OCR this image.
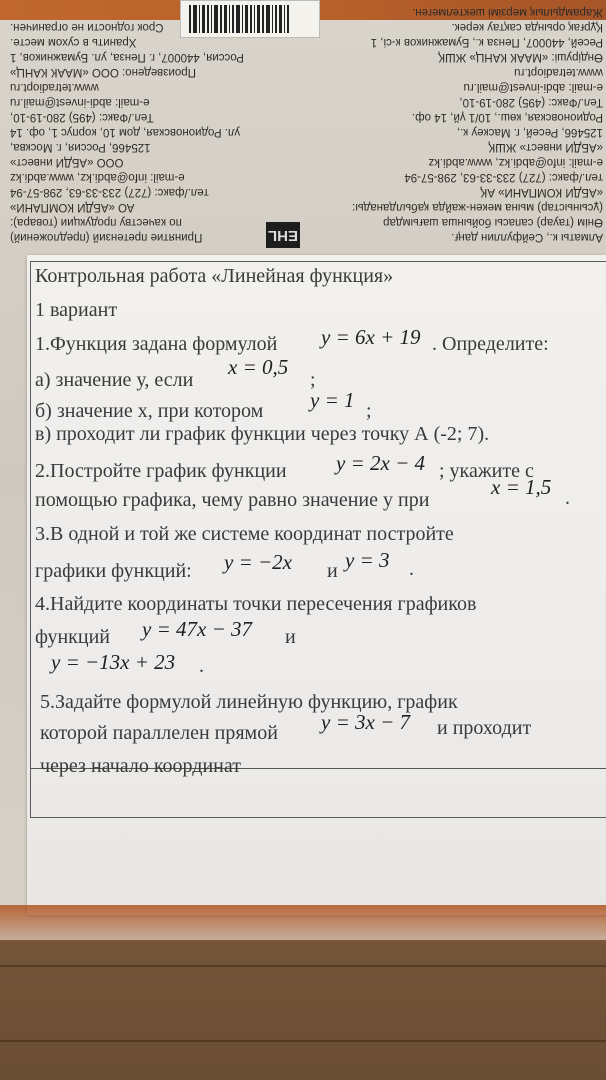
Принятие претензий (предложений)
по качеству продукции (товара):
АО «АБДИ КОМПАНИ»
тел./факс: (727) 233-33-63, 298-57-94
e-mail: info@abdi.kz, www.abdi.kz
ООО «АБДИ инвест»
125466, Россия, г. Москва,
ул. Родионовская, дом 10, корпус 1, оф. 14
Тел./Факс: (495) 280-19-10,
e-mail: abdi-invest@mail.ru
www.tetradiopt.ru
Произведено: ООО «МААК КАНЦ»
Россия, 440007, г. Пенза, ул. Бумажников, 1
Хранить в сухом месте.
Срок годности не ограничен.
Алматы к., Сейфуллин даңғ.
Өнім (тауар) сапасы бойынша шағымдар
(ұсыныстар) мына мекен-жайда қабылданады:
«АБДИ КОМПАНИ» АҚ
тел./факс: (727) 233-33-63, 298-57-94
e-mail: info@abdi.kz, www.abdi.kz
«АБДИ инвест» ЖШҚ
125466, Ресей, г. Маскеу к.,
Родионовская, көш., 10/1 үй, 14 оф.
Тел./Факс: (495) 280-19-10,
e-mail: abdi-invest@mail.ru
www.tetradiopt.ru
Өндіруші: «МААК КАНЦ» ЖШҚ
Ресей, 440007, Пенза к., Бумажников к-сі, 1
Құрғақ орында сақтау керек.
Жарамдылық мерзімі шектелмеген.
EHL
Контрольная работа «Линейная функция»
1 вариант
1.Функция задана формулой y = 6x + 19 . Определите:
а) значение у, если
x = 0,5
;
б) значение х, при котором y = 1 ;
в) проходит ли график функции через точку А (-2; 7).
2.Постройте график функции y = 2x − 4 ; укажите с
помощью графика, чему равно значение у при
x = 1,5 .
3.В одной и той же системе координат постройте
графики функций: y = −2x и y = 3 .
4.Найдите координаты точки пересечения графиков
функций y = 47x − 37 и
y = −13x + 23 .
5.Задайте формулой линейную функцию, график
которой параллелен прямой y = 3x − 7 и проходит
через начало координат
